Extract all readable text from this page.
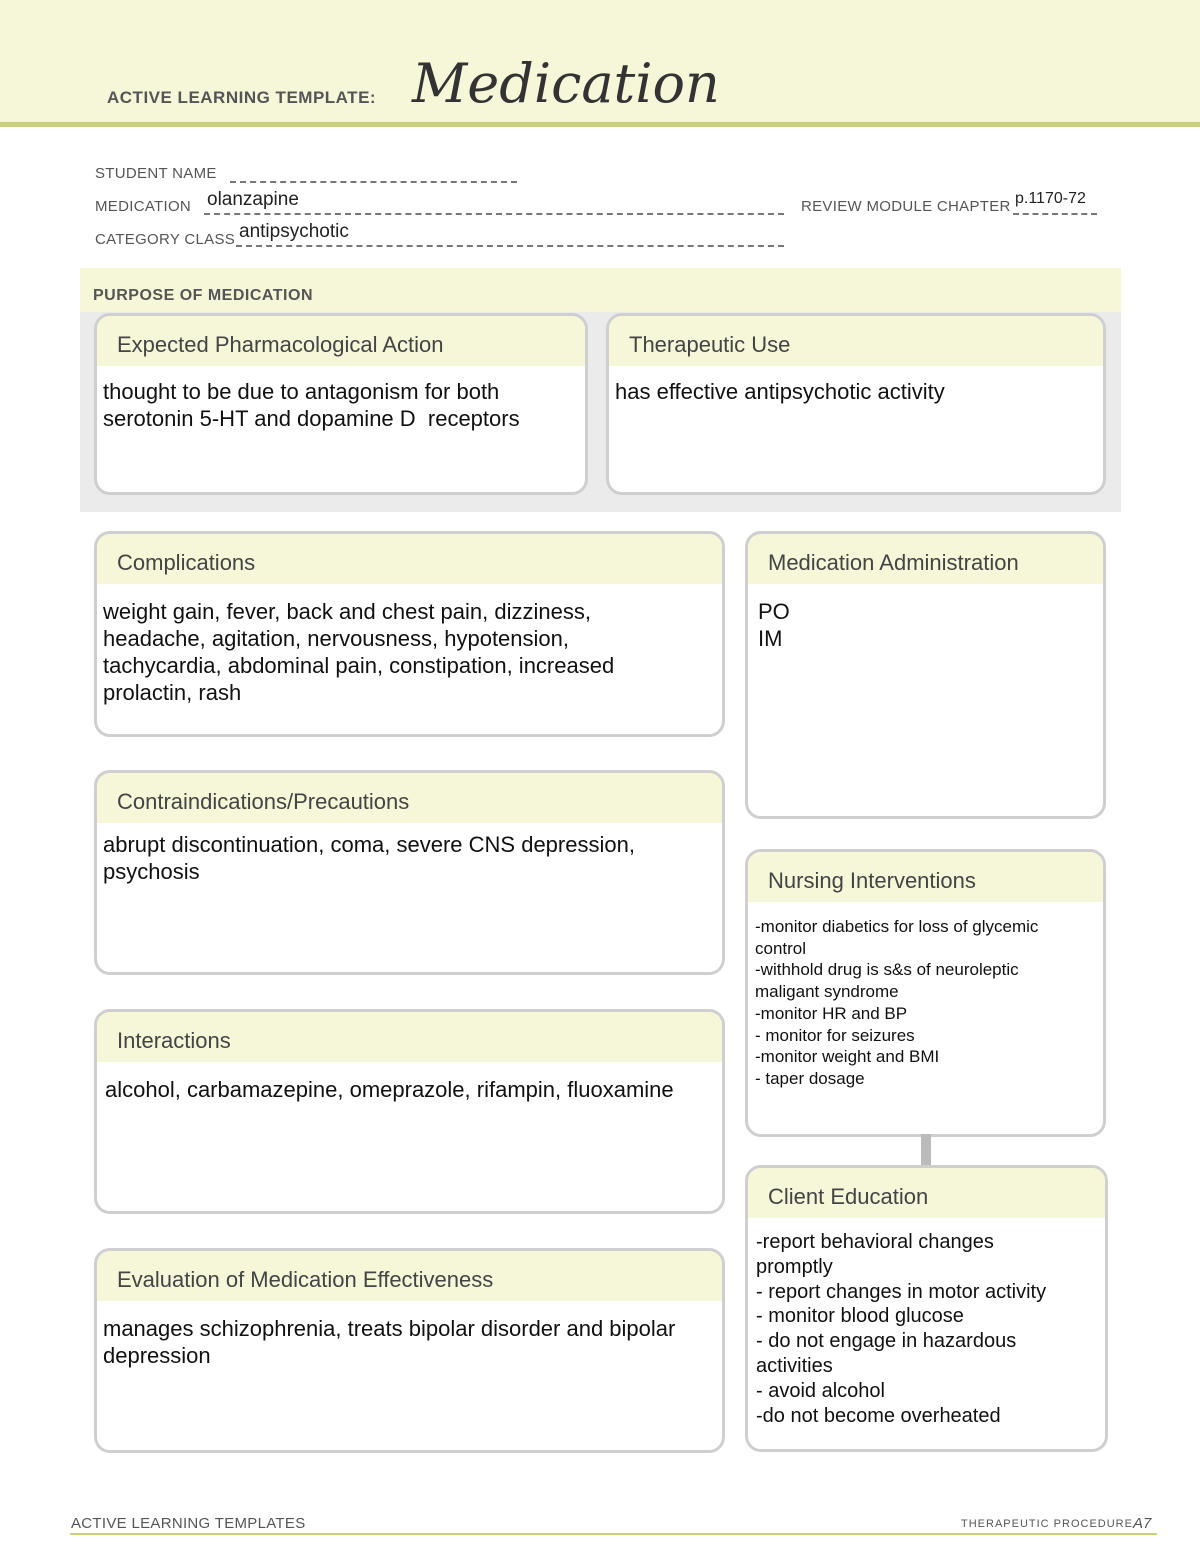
ACTIVE LEARNING TEMPLATE: Medication
STUDENT NAME
MEDICATION olanzapine	REVIEW MODULE CHAPTER p.1170-72
CATEGORY CLASS antipsychotic
PURPOSE OF MEDICATION
Expected Pharmacological Action
thought to be due to antagonism for both
serotonin 5-HT and dopamine D  receptors
Therapeutic Use
has effective antipsychotic activity
Complications
weight gain, fever, back and chest pain, dizziness,
headache, agitation, nervousness, hypotension,
tachycardia, abdominal pain, constipation, increased
prolactin, rash
Medication Administration
PO
IM
Contraindications/Precautions
abrupt discontinuation, coma, severe CNS depression,
psychosis	Nursing Interventions
-monitor diabetics for loss of glycemic
control
-withhold drug is s&s of neuroleptic
maligant syndrome
-monitor HR and BP
- monitor for seizures
-monitor weight and BMI
- taper dosage
Interactions
alcohol, carbamazepine, omeprazole, rifampin, fluoxamine
Client Education
-report behavioral changes
promptly
- report changes in motor activity
- monitor blood glucose
- do not engage in hazardous
activities
- avoid alcohol
-do not become overheated
Evaluation of Medication Effectiveness
manages schizophrenia, treats bipolar disorder and bipolar
depression
ACTIVE LEARNING TEMPLATES	THERAPEUTIC PROCEDURE A7
